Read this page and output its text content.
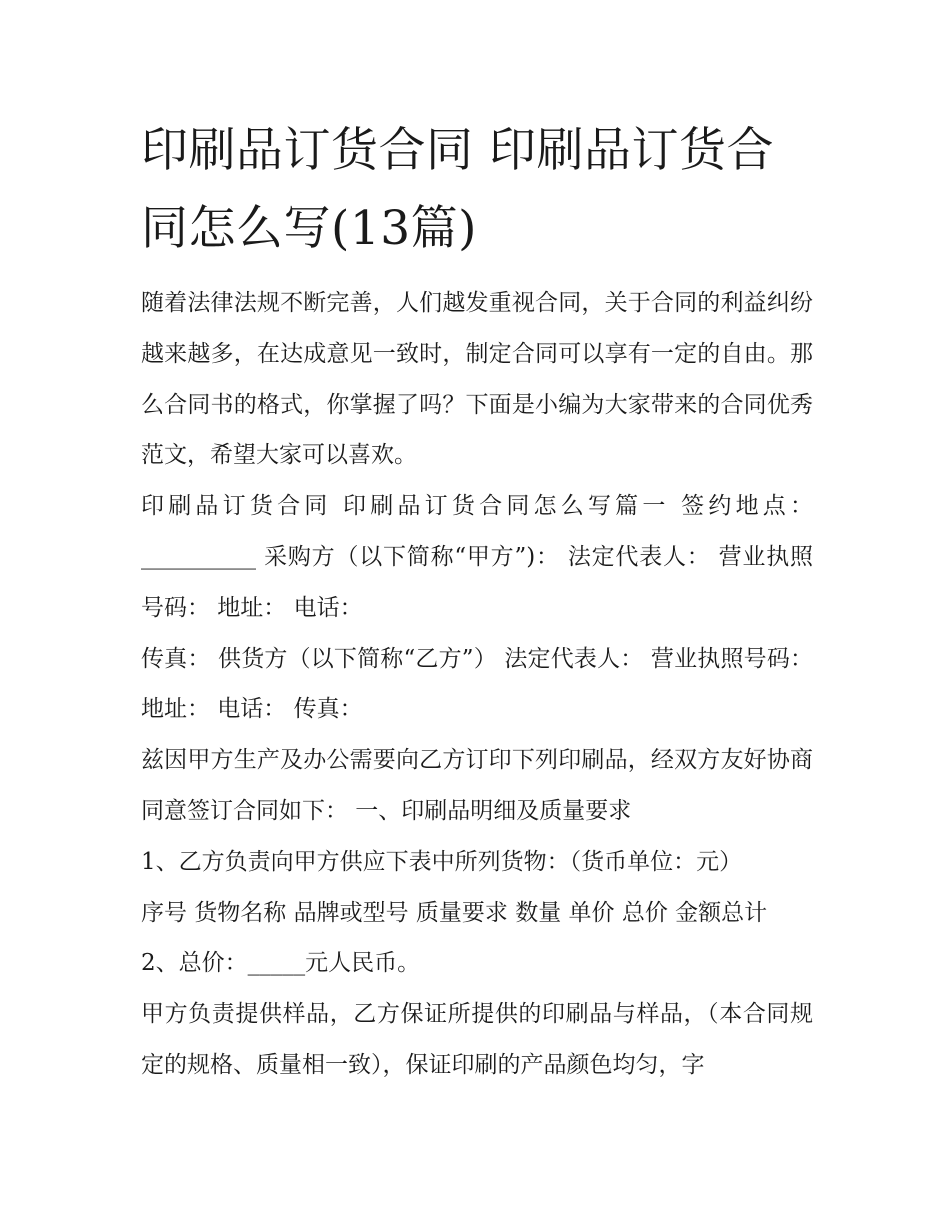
印刷品订货合同 印刷品订货合同怎么写(13篇)

随着法律法规不断完善，人们越发重视合同，关于合同的利益纠纷越来越多，在达成意见一致时，制定合同可以享有一定的自由。那么合同书的格式，你掌握了吗？下面是小编为大家带来的合同优秀范文，希望大家可以喜欢。

印刷品订货合同 印刷品订货合同怎么写篇一 签约地点：__________ 采购方（以下简称“甲方”)： 法定代表人： 营业执照号码： 地址： 电话：

传真： 供货方（以下简称“乙方”） 法定代表人： 营业执照号码： 地址： 电话： 传真：

兹因甲方生产及办公需要向乙方订印下列印刷品，经双方友好协商同意签订合同如下： 一、印刷品明细及质量要求

1、乙方负责向甲方供应下表中所列货物：（货币单位：元）

序号 货物名称 品牌或型号 质量要求 数量 单价 总价 金额总计

2、总价：_____元人民币。

甲方负责提供样品，乙方保证所提供的印刷品与样品，（本合同规定的规格、质量相一致），保证印刷的产品颜色均匀，字
